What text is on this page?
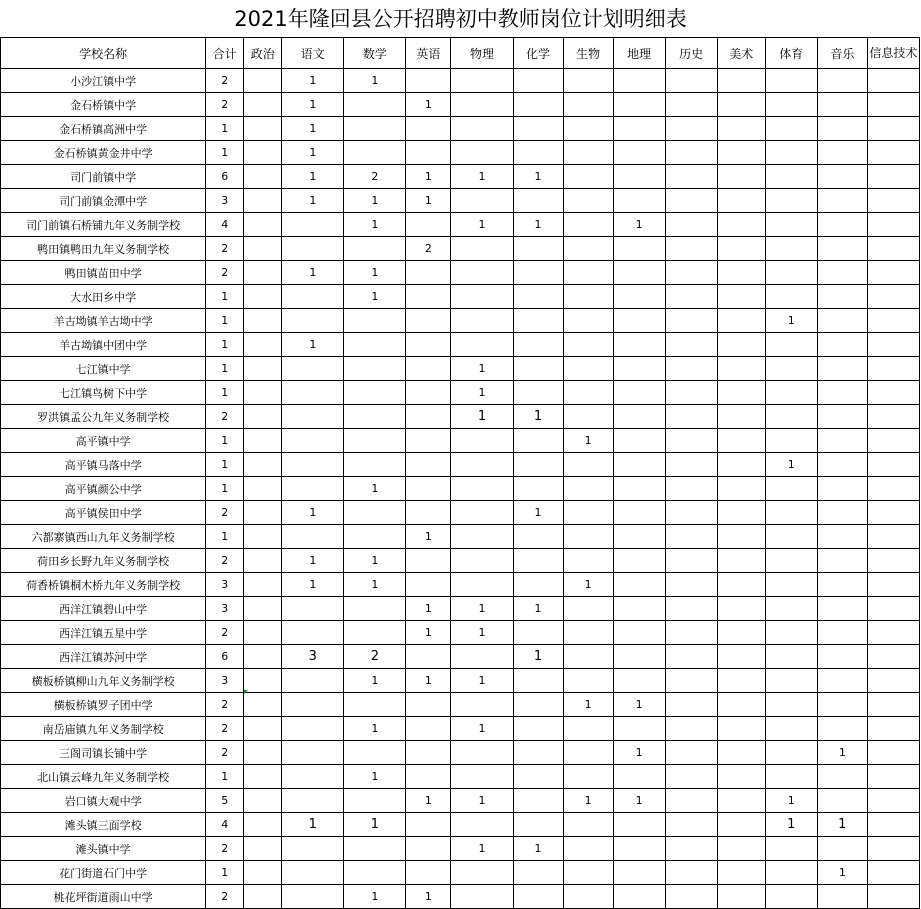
2021年隆回县公开招聘初中教师岗位计划明细表
学校名称	合计	政治	语文	数学	英语	物理	化学	生物	地理	历史	美术	体育	音乐	信息技术
小沙江镇中学	2		1	1										
金石桥镇中学	2		1		1									
金石桥镇高洲中学	1		1											
金石桥镇黄金井中学	1		1											
司门前镇中学	6		1	2	1	1	1							
司门前镇金潭中学	3		1	1	1									
司门前镇石桥铺九年义务制学校	4			1		1	1		1					
鸭田镇鸭田九年义务制学校	2				2									
鸭田镇苗田中学	2		1	1										
大水田乡中学	1			1										
羊古坳镇羊古坳中学	1											1		
羊古坳镇中团中学	1		1											
七江镇中学	1					1								
七江镇鸟树下中学	1					1								
罗洪镇孟公九年义务制学校	2					1	1							
高平镇中学	1							1						
高平镇马落中学	1											1		
高平镇颜公中学	1			1										
高平镇侯田中学	2		1				1							
六都寨镇西山九年义务制学校	1				1									
荷田乡长野九年义务制学校	2		1	1										
荷香桥镇桐木桥九年义务制学校	3		1	1				1						
西洋江镇碧山中学	3				1	1	1							
西洋江镇五星中学	2				1	1								
西洋江镇苏河中学	6		3	2			1							
横板桥镇柳山九年义务制学校	3			1	1	1								
横板桥镇罗子团中学	2							1	1					
南岳庙镇九年义务制学校	2			1		1								
三阁司镇长铺中学	2								1				1	
北山镇云峰九年义务制学校	1			1										
岩口镇大观中学	5				1	1		1	1			1		
滩头镇三面学校	4		1	1								1	1	
滩头镇中学	2					1	1							
花门街道石门中学	1												1	
桃花坪街道雨山中学	2			1	1									
